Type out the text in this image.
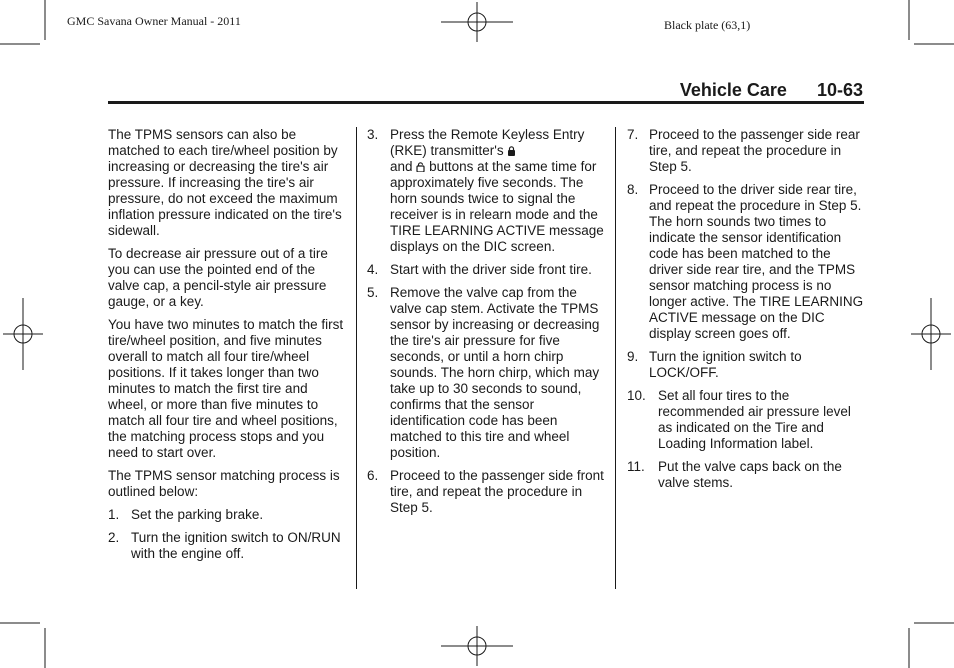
GMC Savana Owner Manual - 2011	Black plate (63,1)
Vehicle Care 10-63

The TPMS sensors can also be matched to each tire/wheel position by increasing or decreasing the tire's air pressure. If increasing the tire's air pressure, do not exceed the maximum inflation pressure indicated on the tire's sidewall.

To decrease air pressure out of a tire you can use the pointed end of the valve cap, a pencil-style air pressure gauge, or a key.

You have two minutes to match the first tire/wheel position, and five minutes overall to match all four tire/wheel positions. If it takes longer than two minutes to match the first tire and wheel, or more than five minutes to match all four tire and wheel positions, the matching process stops and you need to start over.

The TPMS sensor matching process is outlined below:

1. Set the parking brake.
2. Turn the ignition switch to ON/RUN with the engine off.
3. Press the Remote Keyless Entry (RKE) transmitter's
and buttons at the same time for approximately five seconds. The horn sounds twice to signal the receiver is in relearn mode and the TIRE LEARNING ACTIVE message displays on the DIC screen.
4. Start with the driver side front tire.
5. Remove the valve cap from the valve cap stem. Activate the TPMS sensor by increasing or decreasing the tire's air pressure for five seconds, or until a horn chirp sounds. The horn chirp, which may take up to 30 seconds to sound, confirms that the sensor identification code has been matched to this tire and wheel position.
6. Proceed to the passenger side front tire, and repeat the procedure in Step 5.
7. Proceed to the passenger side rear tire, and repeat the procedure in Step 5.
8. Proceed to the driver side rear tire, and repeat the procedure in Step 5. The horn sounds two times to indicate the sensor identification code has been matched to the driver side rear tire, and the TPMS sensor matching process is no longer active. The TIRE LEARNING ACTIVE message on the DIC display screen goes off.
9. Turn the ignition switch to LOCK/OFF.
10. Set all four tires to the recommended air pressure level as indicated on the Tire and Loading Information label.
11. Put the valve caps back on the valve stems.
